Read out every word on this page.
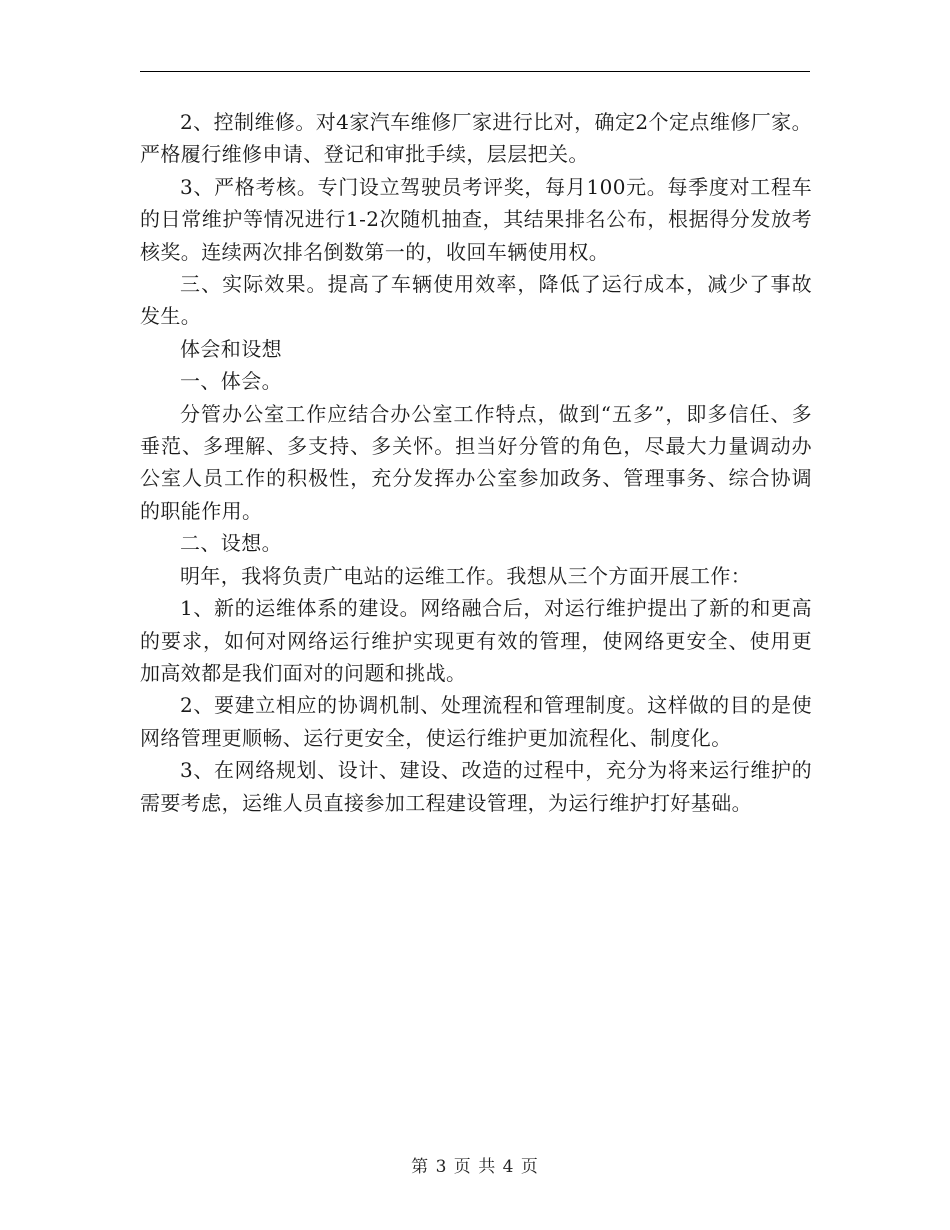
2、控制维修。对4家汽车维修厂家进行比对，确定2个定点维修厂家。严格履行维修申请、登记和审批手续，层层把关。

3、严格考核。专门设立驾驶员考评奖，每月100元。每季度对工程车的日常维护等情况进行1-2次随机抽查，其结果排名公布，根据得分发放考核奖。连续两次排名倒数第一的，收回车辆使用权。

三、实际效果。提高了车辆使用效率，降低了运行成本，减少了事故发生。

体会和设想

一、体会。

分管办公室工作应结合办公室工作特点，做到“五多”，即多信任、多垂范、多理解、多支持、多关怀。担当好分管的角色，尽最大力量调动办公室人员工作的积极性，充分发挥办公室参加政务、管理事务、综合协调的职能作用。

二、设想。

明年，我将负责广电站的运维工作。我想从三个方面开展工作：

1、新的运维体系的建设。网络融合后，对运行维护提出了新的和更高的要求，如何对网络运行维护实现更有效的管理，使网络更安全、使用更加高效都是我们面对的问题和挑战。

2、要建立相应的协调机制、处理流程和管理制度。这样做的目的是使网络管理更顺畅、运行更安全，使运行维护更加流程化、制度化。

3、在网络规划、设计、建设、改造的过程中，充分为将来运行维护的需要考虑，运维人员直接参加工程建设管理，为运行维护打好基础。

第 3 页 共 4 页
